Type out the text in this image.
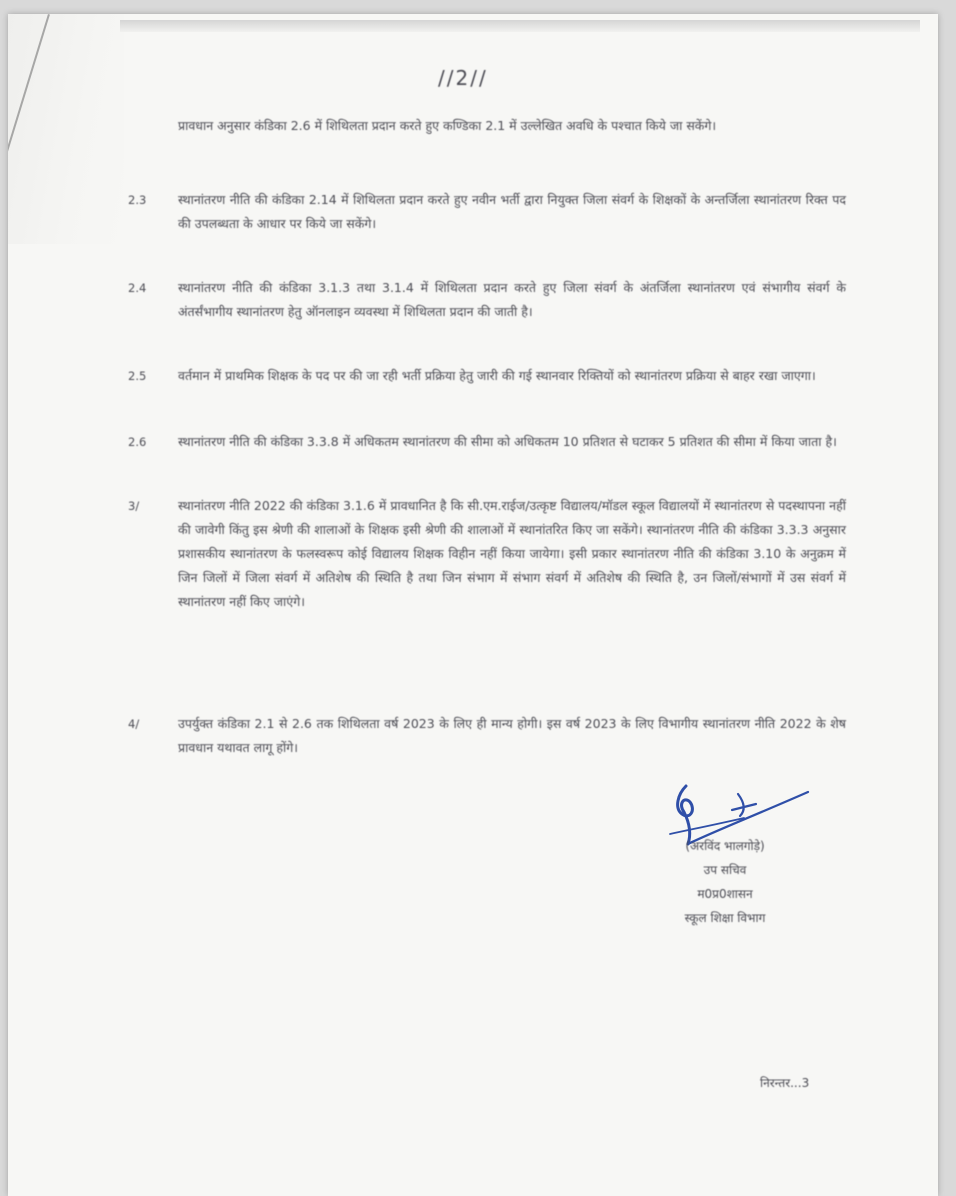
//2//
प्रावधान अनुसार कंडिका 2.6 में शिथिलता प्रदान करते हुए कण्डिका 2.1 में उल्लेखित अवधि के पश्चात किये जा सकेंगे।
2.3	स्थानांतरण नीति की कंडिका 2.14 में शिथिलता प्रदान करते हुए नवीन भर्ती द्वारा नियुक्त जिला संवर्ग के शिक्षकों के अन्तर्जिला स्थानांतरण रिक्त पद की उपलब्धता के आधार पर किये जा सकेंगे।
2.4	स्थानांतरण नीति की कंडिका 3.1.3 तथा 3.1.4 में शिथिलता प्रदान करते हुए जिला संवर्ग के अंतर्जिला स्थानांतरण एवं संभागीय संवर्ग के अंतर्संभागीय स्थानांतरण हेतु ऑनलाइन व्यवस्था में शिथिलता प्रदान की जाती है।
2.5	वर्तमान में प्राथमिक शिक्षक के पद पर की जा रही भर्ती प्रक्रिया हेतु जारी की गई स्थानवार रिक्तियों को स्थानांतरण प्रक्रिया से बाहर रखा जाएगा।
2.6	स्थानांतरण नीति की कंडिका 3.3.8 में अधिकतम स्थानांतरण की सीमा को अधिकतम 10 प्रतिशत से घटाकर 5 प्रतिशत की सीमा में किया जाता है।
3/	स्थानांतरण नीति 2022 की कंडिका 3.1.6 में प्रावधानित है कि सी.एम.राईज/उत्कृष्ट विद्यालय/मॉडल स्कूल विद्यालयों में स्थानांतरण से पदस्थापना नहीं की जावेगी किंतु इस श्रेणी की शालाओं के शिक्षक इसी श्रेणी की शालाओं में स्थानांतरित किए जा सकेंगे। स्थानांतरण नीति की कंडिका 3.3.3 अनुसार प्रशासकीय स्थानांतरण के फलस्वरूप कोई विद्यालय शिक्षक विहीन नहीं किया जायेगा। इसी प्रकार स्थानांतरण नीति की कंडिका 3.10 के अनुक्रम में जिन जिलों में जिला संवर्ग में अतिशेष की स्थिति है तथा जिन संभाग में संभाग संवर्ग में अतिशेष की स्थिति है, उन जिलों/संभागों में उस संवर्ग में स्थानांतरण नहीं किए जाएंगे।
4/	उपर्युक्त कंडिका 2.1 से 2.6 तक शिथिलता वर्ष 2023 के लिए ही मान्य होगी। इस वर्ष 2023 के लिए विभागीय स्थानांतरण नीति 2022 के शेष प्रावधान यथावत लागू होंगे।
(अरविंद भालगोड़े)
उप सचिव
म0प्र0शासन
स्कूल शिक्षा विभाग
निरन्तर...3
